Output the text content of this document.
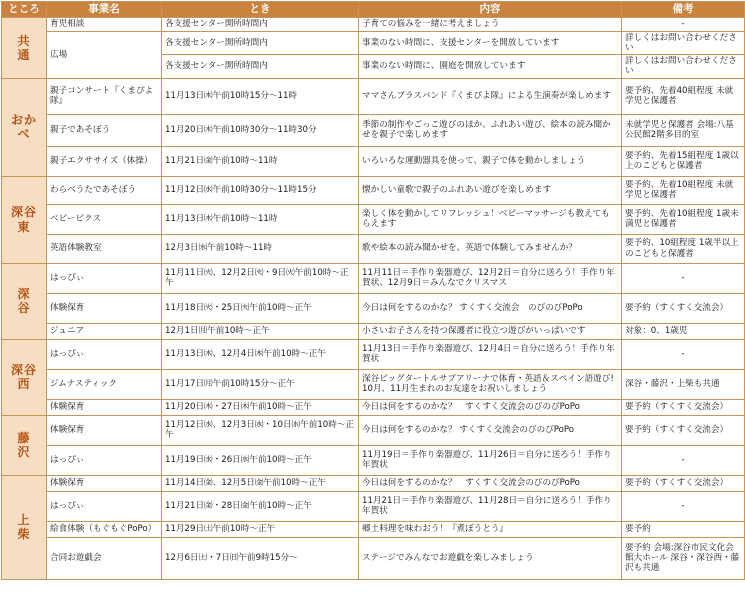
ところ	事業名	とき	内容	備考
共　通	育児相談	各支援センター開所時間内	子育ての悩みを一緒に考えましょう	-
	広場	各支援センター開所時間内	事業のない時間に、支援センターを開放しています	詳しくはお問い合わせください
		各支援センター開所時間内	事業のない時間に、園庭を開放しています	詳しくはお問い合わせください
おかべ	親子コンサート『くまぴよ隊』	11月13日㈭午前10時15分～11時	ママさんブラスバンド『くまぴよ隊』による生演奏が楽しめます	要予約、先着40組程度 未就学児と保護者
	親子であそぼう	11月20日㈭午前10時30分～11時30分	季節の制作やごっこ遊びのほか、ふれあい遊び、絵本の読み聞かせを親子で楽しめます	未就学児と保護者 会場:八基公民館2階多目的室
	親子エクササイズ（体操）	11月21日㈮午前10時～11時	いろいろな運動器具を使って、親子で体を動かしましょう	要予約、先着15組程度 1歳以上のこどもと保護者
深谷東	わらべうたであそぼう	11月12日㈬午前10時30分～11時15分	懐かしい童歌で親子のふれあい遊びを楽しめます	要予約、先着10組程度 未就学児と保護者
	ベビービクス	11月13日㈭午前10時～11時	楽しく体を動かしてリフレッシュ！ベビーマッサージも教えてもらえます	要予約、先着10組程度 1歳未満児と保護者
	英語体験教室	12月3日㈬午前10時～11時	歌や絵本の読み聞かせを、英語で体験してみませんか？	要予約、10組程度 1歳半以上のこどもと保護者
深　谷	はっぴぃ	11月11日㈫、12月2日㈫・9日㈫午前10時～正午	11月11日＝手作り楽器遊び、12月2日＝自分に送ろう！手作り年賀状、12月9日＝みんなでクリスマス	-
	体験保育	11月18日㈫・25日㈫午前10時～正午	今日は何をするのかな？ すくすく交流会　のびのびPoPo	要予約（すくすく交流会）
	ジュニア	12月1日㈪午前10時～正午	小さいお子さんを持つ保護者に役立つ遊びがいっぱいです	対象：0、1歳児
深谷西	はっぴぃ	11月13日㈭、12月4日㈭午前10時～正午	11月13日＝手作り楽器遊び、12月4日＝自分に送ろう！手作り年賀状	-
	ジムナスティック	11月17日㈪午前10時15分～正午	深谷ビッグタートルサブアリーナで体育・英語＆スペイン語遊び!10月、11月生まれのお友達をお祝いしましょう	深谷・藤沢・上柴も共通
	体験保育	11月20日㈭・27日㈭午前10時～正午	今日は何をするのかな？　すくすく交流会のびのびPoPo	要予約（すくすく交流会）
藤　沢	体験保育	11月12日㈬、12月3日㈬・10日㈬午前10時～正午	今日は何をするのかな？ すくすく交流会のびのびPoPo	要予約（すくすく交流会）
	はっぴぃ	11月19日㈬・26日㈬午前10時～正午	11月19日＝手作り楽器遊び、11月26日＝自分に送ろう！手作り年賀状	-
上　柴	体験保育	11月14日㈮、12月5日㈮午前10時～正午	今日は何をするのかな？　すくすく交流会のびのびPoPo	要予約（すくすく交流会）
	はっぴぃ	11月21日㈮・28日㈮午前10時～正午	11月21日＝手作り楽器遊び、11月28日＝自分に送ろう！手作り年賀状	-
	給食体験（もぐもぐPoPo）	11月29日㈯午前10時～正午	郷土料理を味わおう！『煮ぼうとう』	要予約
	合同お遊戯会	12月6日㈯・7日㈰午前9時15分～	ステージでみんなでお遊戯を楽しみましょう	要予約 会場:深谷市民文化会館大ホール 深谷・深谷西・藤沢も共通
